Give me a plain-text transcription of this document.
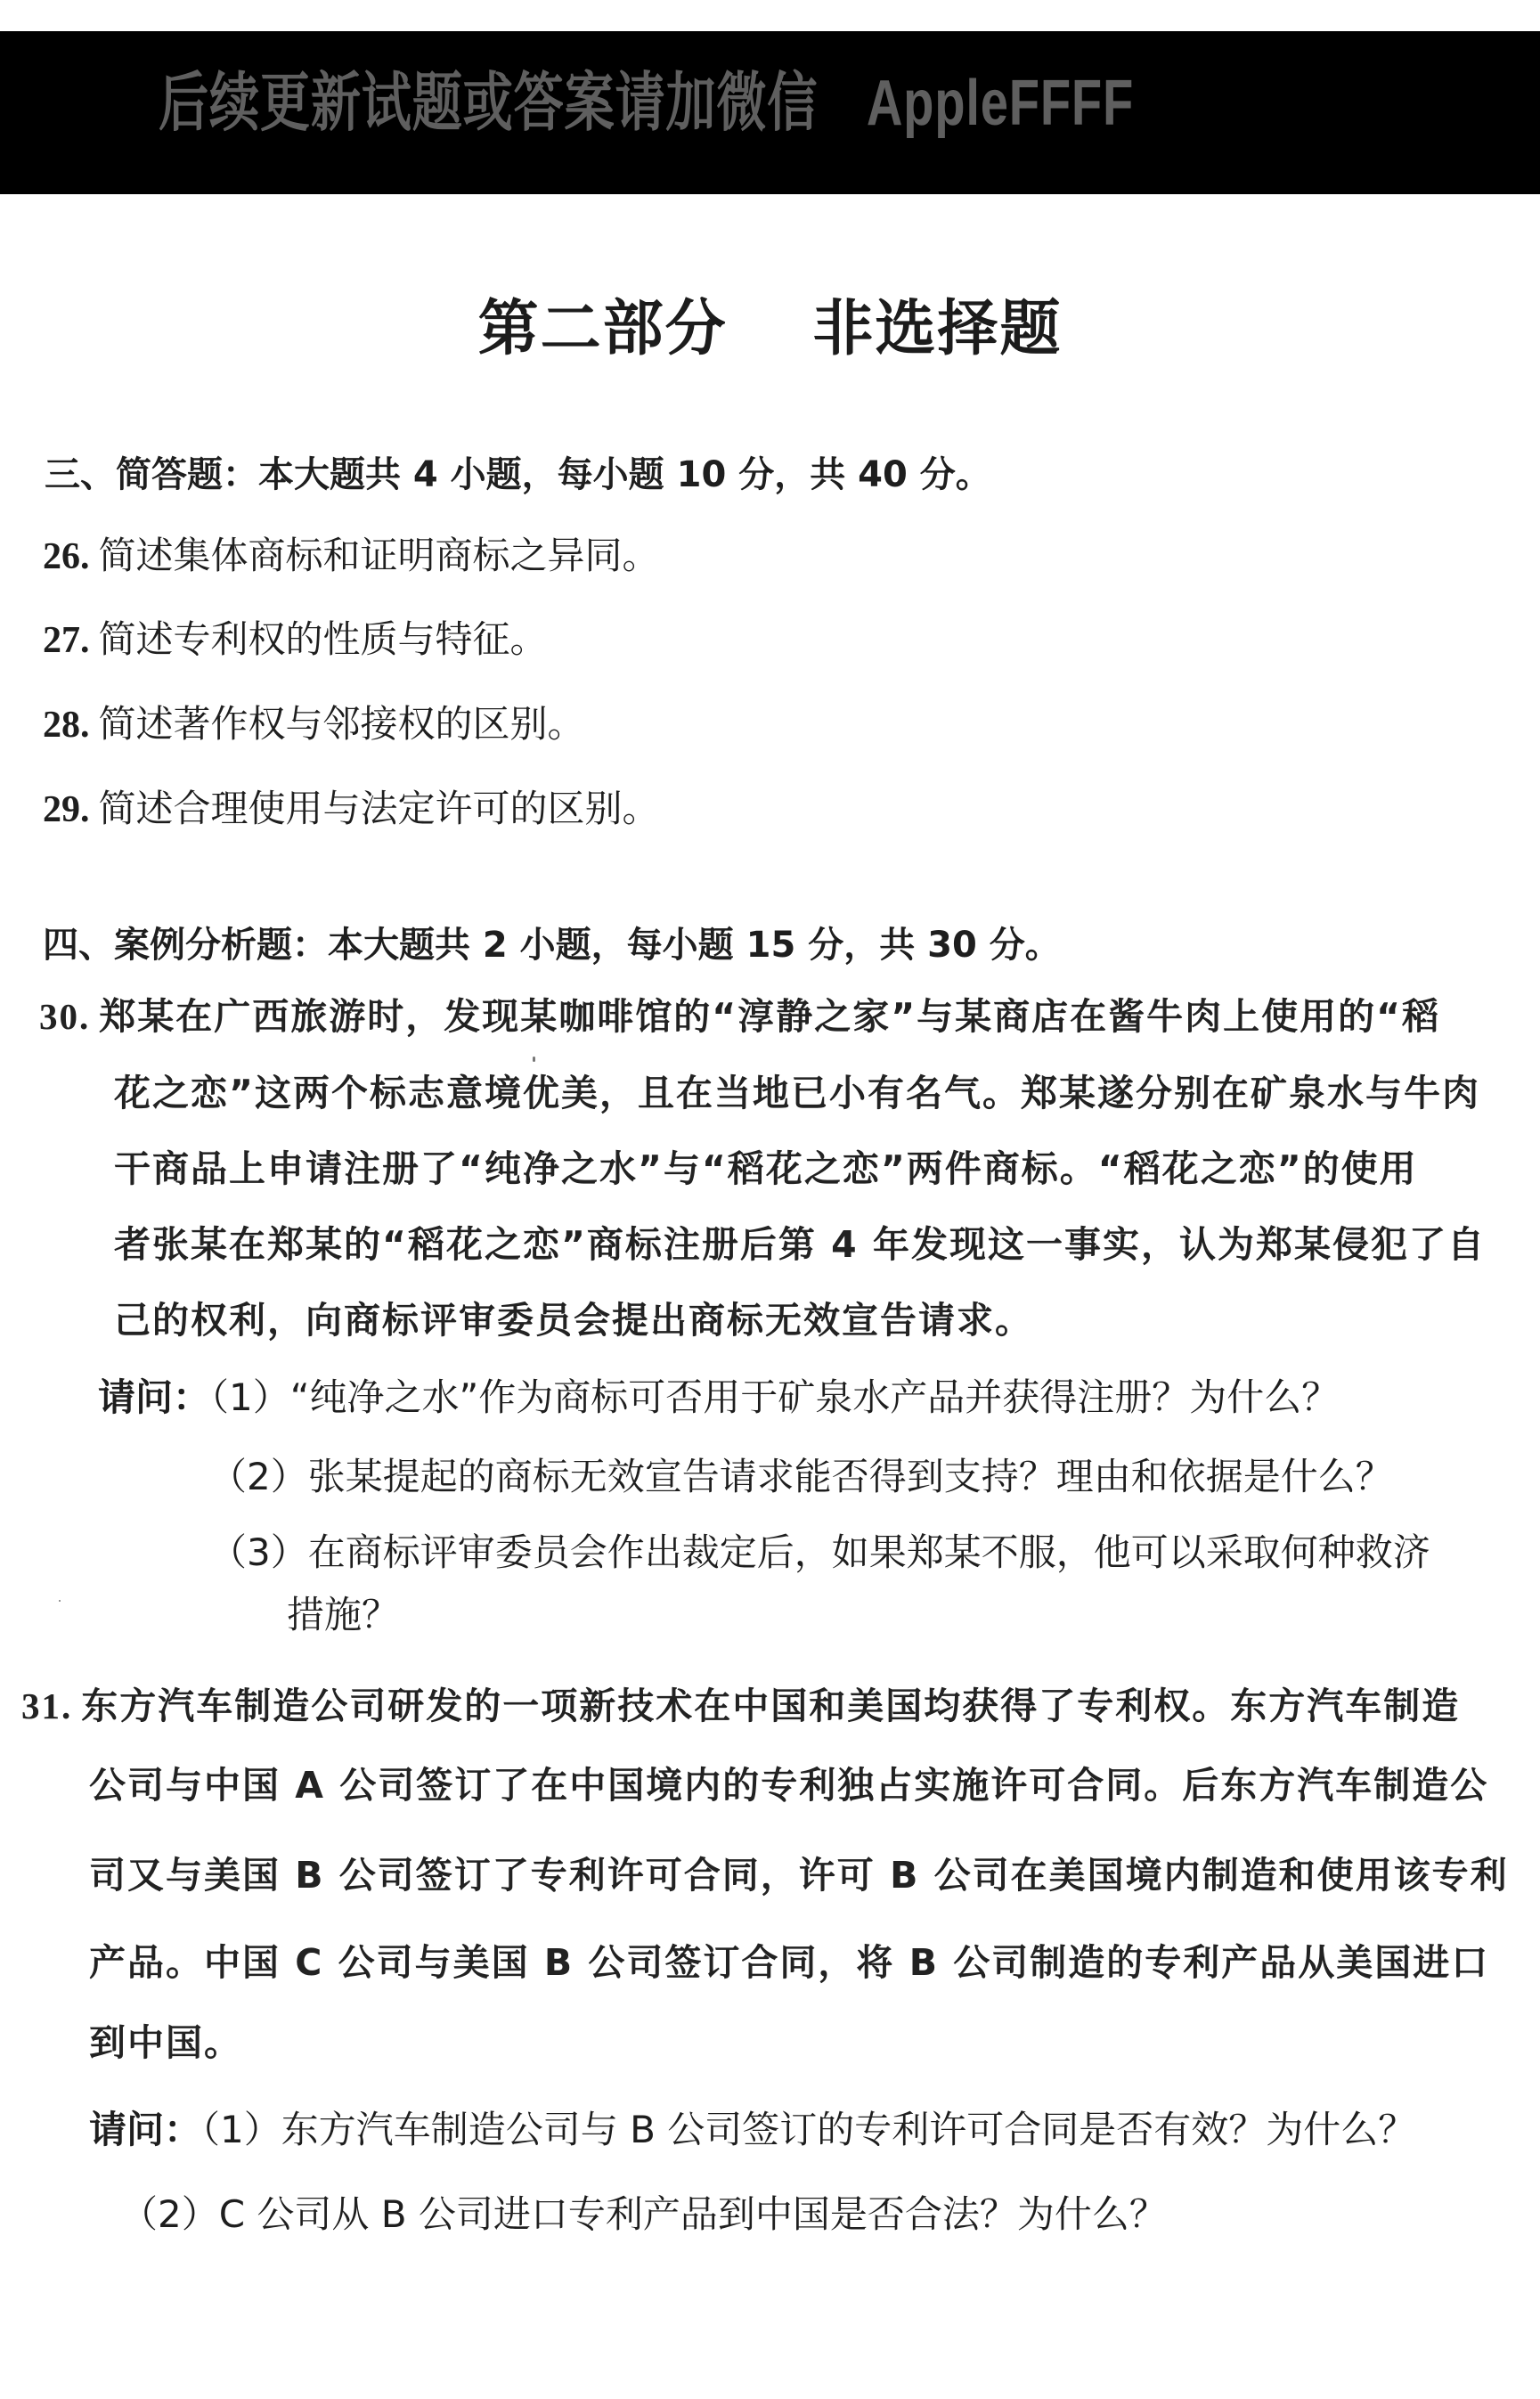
后续更新试题或答案请加微信 AppleFFFF
第二部分　 非选择题
三、简答题：本大题共 4 小题，每小题 10 分，共 40 分。
26. 简述集体商标和证明商标之异同。
27. 简述专利权的性质与特征。
28. 简述著作权与邻接权的区别。
29. 简述合理使用与法定许可的区别。
四、案例分析题：本大题共 2 小题，每小题 15 分，共 30 分。
30. 郑某在广西旅游时，发现某咖啡馆的“淳静之家”与某商店在酱牛肉上使用的“稻
花之恋”这两个标志意境优美，且在当地已小有名气。郑某遂分别在矿泉水与牛肉
干商品上申请注册了“纯净之水”与“稻花之恋”两件商标。“稻花之恋”的使用
者张某在郑某的“稻花之恋”商标注册后第 4 年发现这一事实，认为郑某侵犯了自
己的权利，向商标评审委员会提出商标无效宣告请求。
请问：（1）“纯净之水”作为商标可否用于矿泉水产品并获得注册？为什么？
（2）张某提起的商标无效宣告请求能否得到支持？理由和依据是什么？
（3）在商标评审委员会作出裁定后，如果郑某不服，他可以采取何种救济
措施？
31. 东方汽车制造公司研发的一项新技术在中国和美国均获得了专利权。东方汽车制造
公司与中国 A 公司签订了在中国境内的专利独占实施许可合同。后东方汽车制造公
司又与美国 B 公司签订了专利许可合同，许可 B 公司在美国境内制造和使用该专利
产品。中国 C 公司与美国 B 公司签订合同，将 B 公司制造的专利产品从美国进口
到中国。
请问：（1）东方汽车制造公司与 B 公司签订的专利许可合同是否有效？为什么？
（2）C 公司从 B 公司进口专利产品到中国是否合法？为什么？
